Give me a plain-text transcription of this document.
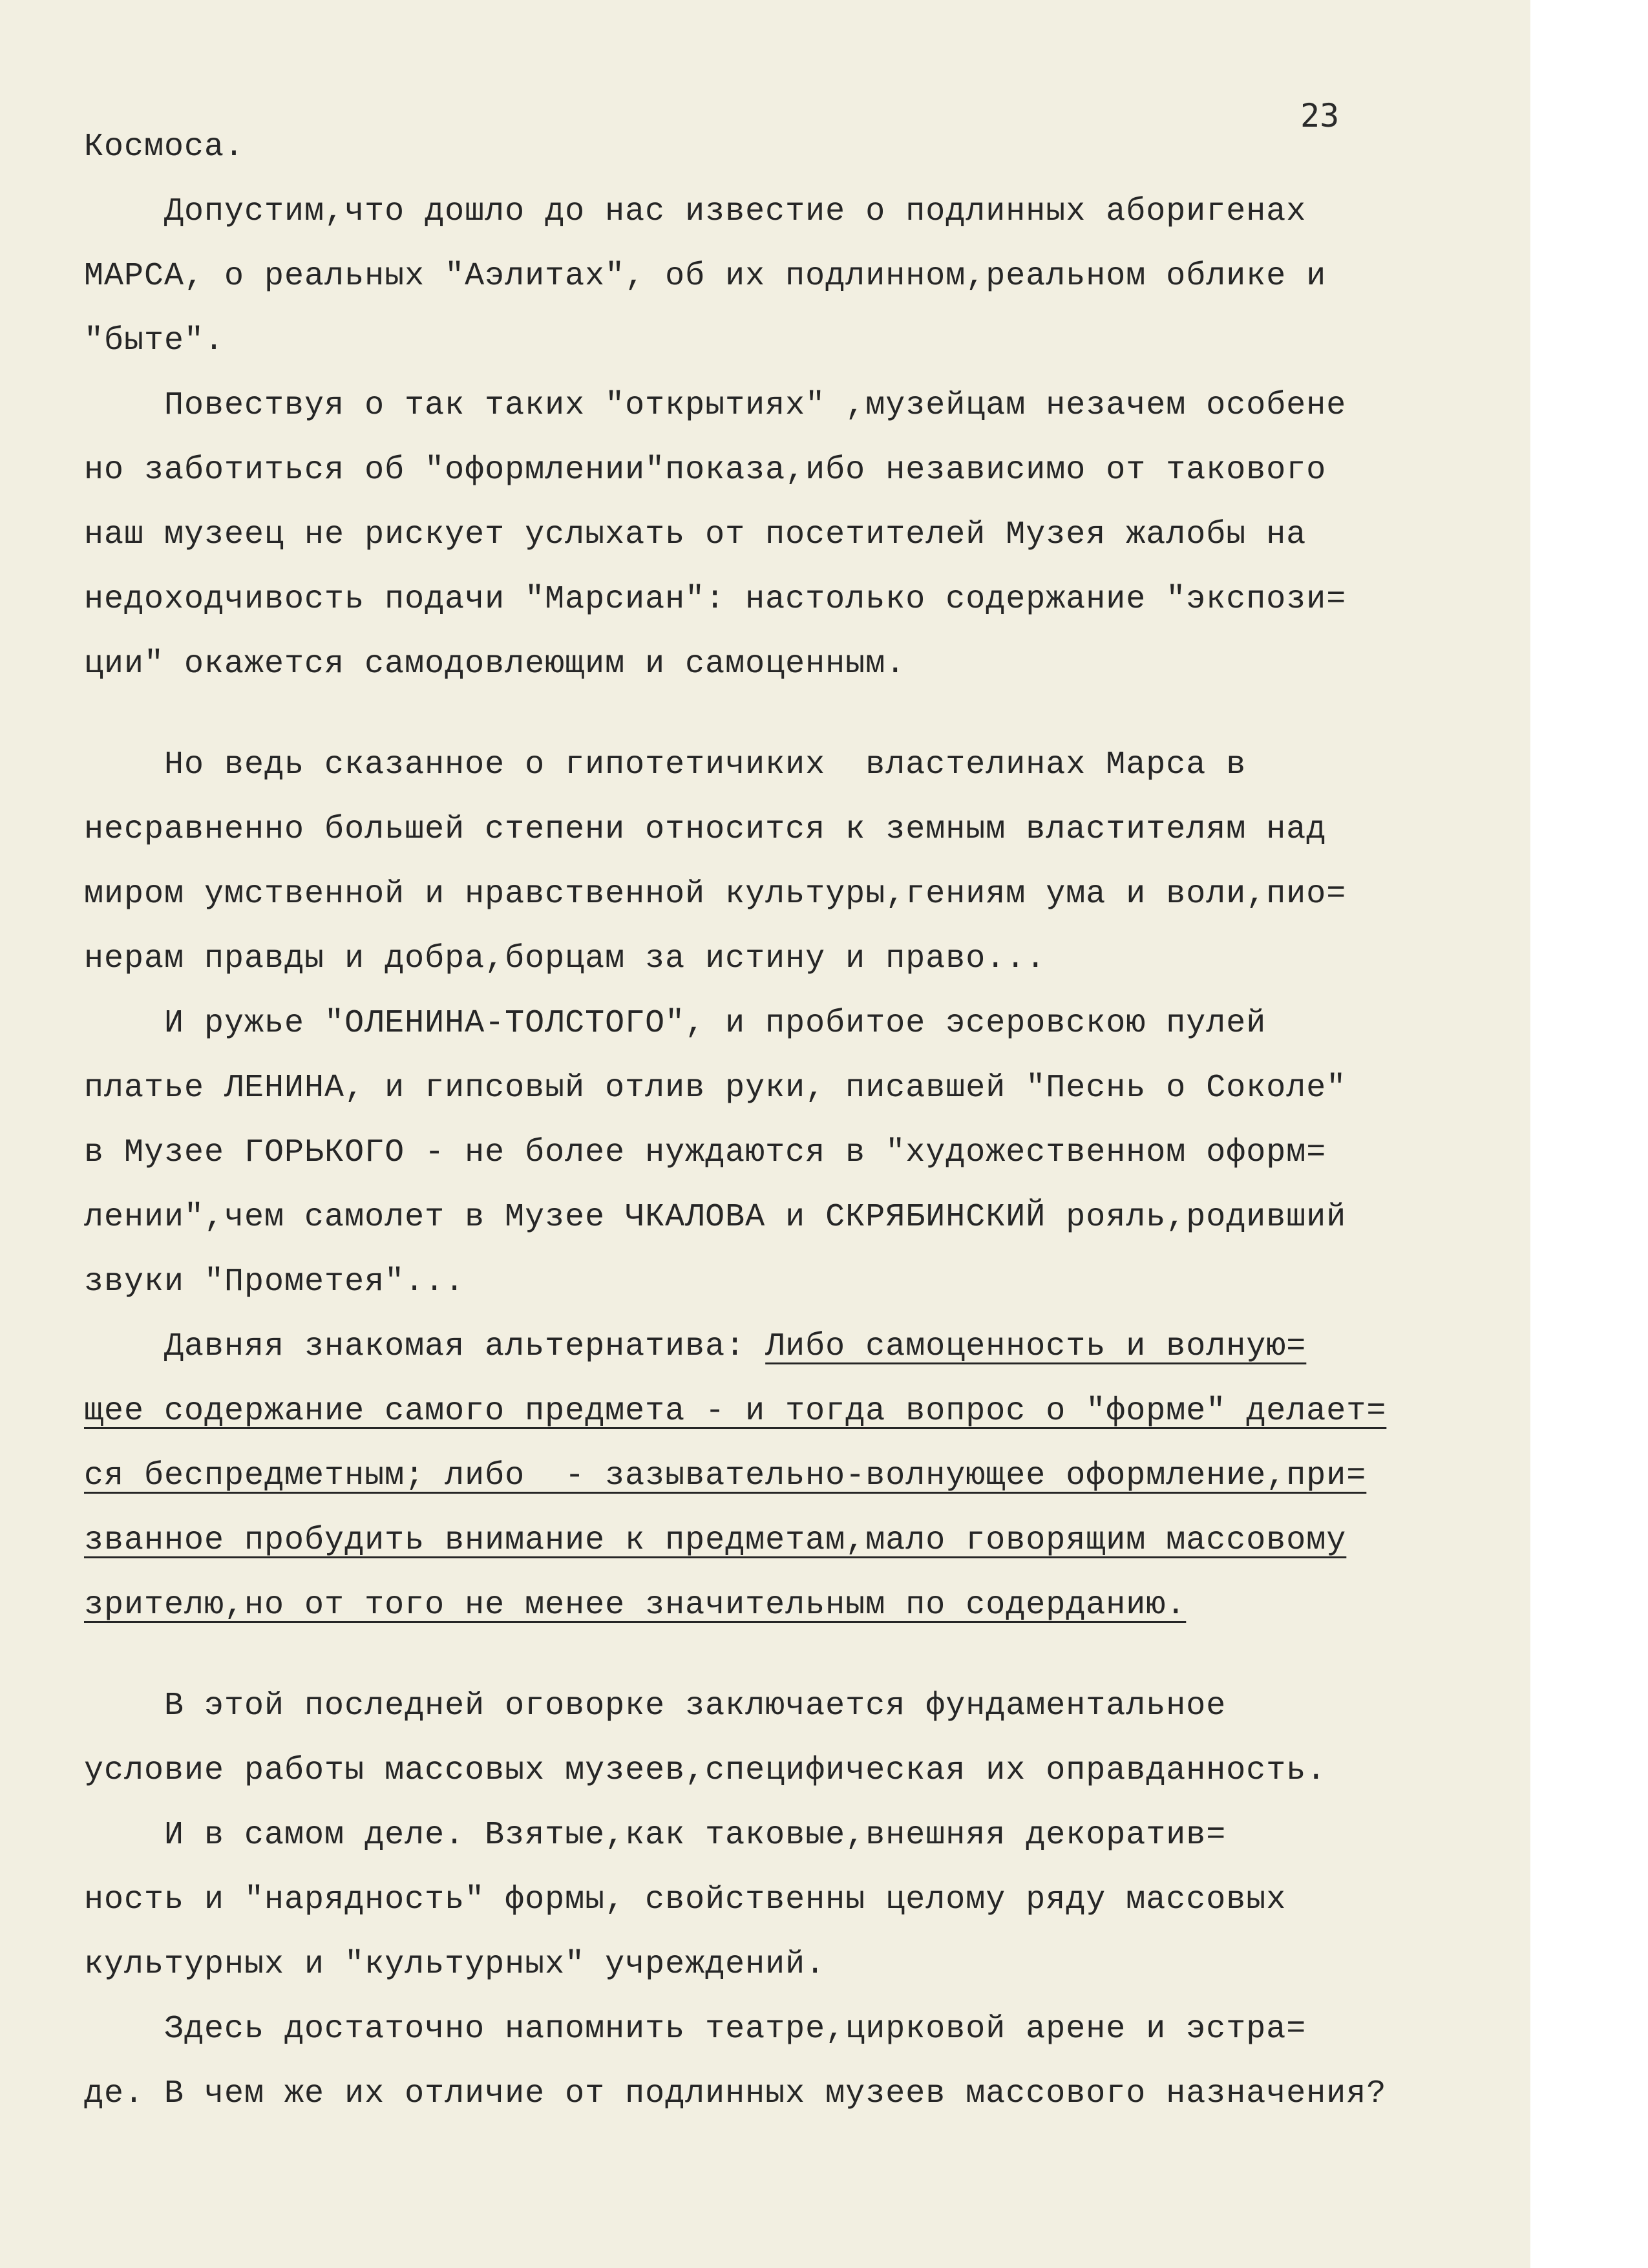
23
Космоса.
Допустим,что дошло до нас известие о подлинных аборигенах
МАРСА, о реальных "Аэлитах", об их подлинном,реальном облике и
"быте".
Повествуя о так таких "открытиях" ,музейцам незачем особене
но заботиться об "оформлении"показа,ибо независимо от такового
наш музеец не рискует услыхать от посетителей Музея жалобы на
недоходчивость подачи "Марсиан": настолько содержание "экспози=
ции" окажется самодовлеющим и самоценным.
Но ведь сказанное о гипотетичиких  властелинах Марса в
несравненно большей степени относится к земным властителям над
миром умственной и нравственной культуры,гениям ума и воли,пио=
нерам правды и добра,борцам за истину и право...
И ружье "ОЛЕНИНА-ТОЛСТОГО", и пробитое эсеровскою пулей
платье ЛЕНИНА, и гипсовый отлив руки, писавшей "Песнь о Соколе"
в Музее ГОРЬКОГО - не более нуждаются в "художественном оформ=
лении",чем самолет в Музее ЧКАЛОВА и СКРЯБИНСКИЙ рояль,родивший
звуки "Прометея"...
Давняя знакомая альтернатива: Либо самоценность и волную=
щее содержание самого предмета - и тогда вопрос о "форме" делает=
ся беспредметным; либо  - зазывательно-волнующее оформление,при=
званное пробудить внимание к предметам,мало говорящим массовому
зрителю,но от того не менее значительным по содерданию.
В этой последней оговорке заключается фундаментальное
условие работы массовых музеев,специфическая их оправданность.
И в самом деле. Взятые,как таковые,внешняя декоратив=
ность и "нарядность" формы, свойственны целому ряду массовых
культурных и "культурных" учреждений.
Здесь достаточно напомнить театре,цирковой арене и эстра=
де. В чем же их отличие от подлинных музеев массового назначения?
